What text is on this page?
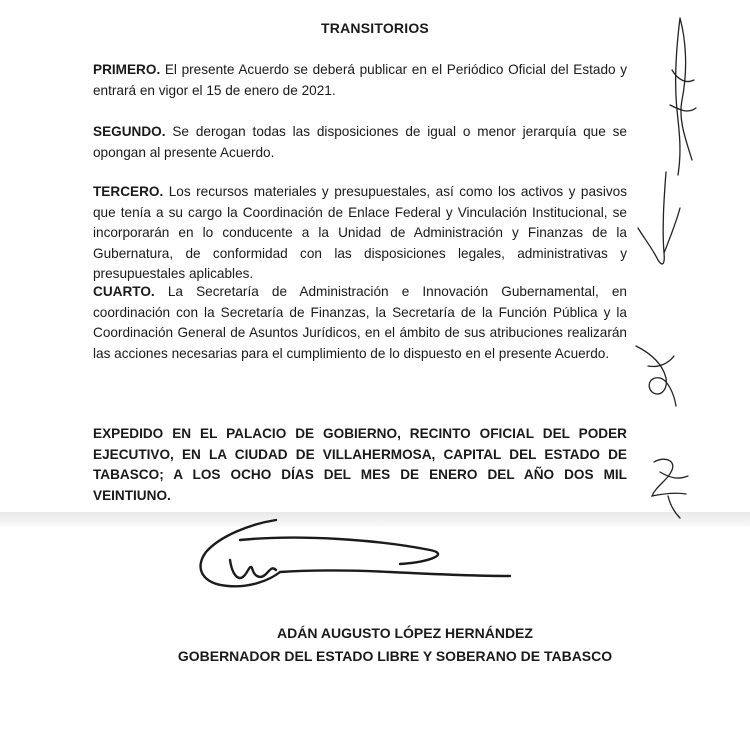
TRANSITORIOS
PRIMERO. El presente Acuerdo se deberá publicar en el Periódico Oficial del Estado y entrará en vigor el 15 de enero de 2021.
SEGUNDO. Se derogan todas las disposiciones de igual o menor jerarquía que se opongan al presente Acuerdo.
TERCERO. Los recursos materiales y presupuestales, así como los activos y pasivos que tenía a su cargo la Coordinación de Enlace Federal y Vinculación Institucional, se incorporarán en lo conducente a la Unidad de Administración y Finanzas de la Gubernatura, de conformidad con las disposiciones legales, administrativas y presupuestales aplicables.
CUARTO. La Secretaría de Administración e Innovación Gubernamental, en coordinación con la Secretaría de Finanzas, la Secretaría de la Función Pública y la Coordinación General de Asuntos Jurídicos, en el ámbito de sus atribuciones realizarán las acciones necesarias para el cumplimiento de lo dispuesto en el presente Acuerdo.
EXPEDIDO EN EL PALACIO DE GOBIERNO, RECINTO OFICIAL DEL PODER EJECUTIVO, EN LA CIUDAD DE VILLAHERMOSA, CAPITAL DEL ESTADO DE TABASCO; A LOS OCHO DÍAS DEL MES DE ENERO DEL AÑO DOS MIL VEINTIUNO.
ADÁN AUGUSTO LÓPEZ HERNÁNDEZ
GOBERNADOR DEL ESTADO LIBRE Y SOBERANO DE TABASCO
